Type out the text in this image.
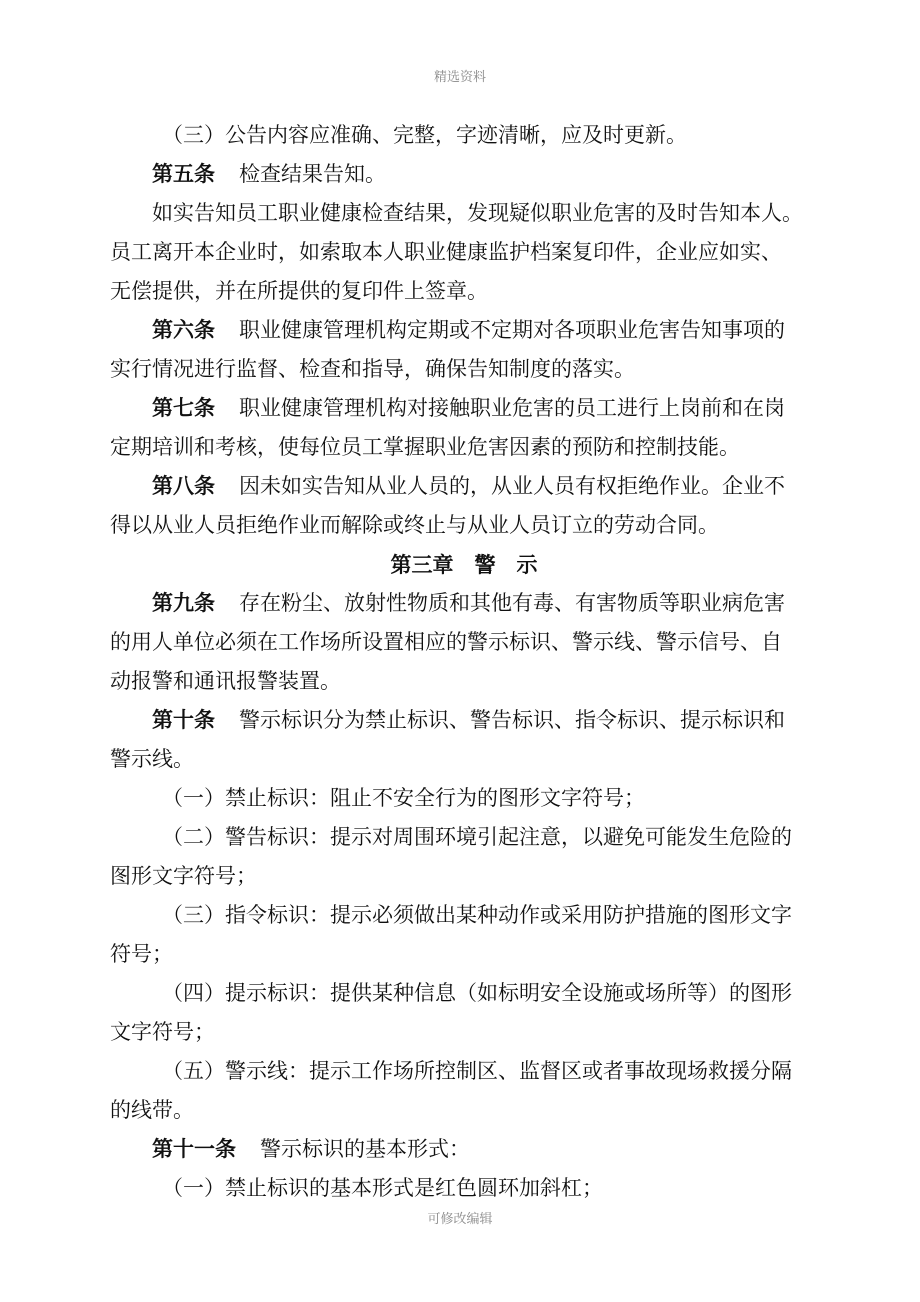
精选资料
（三）公告内容应准确、完整，字迹清晰，应及时更新。
第五条 检查结果告知。
如实告知员工职业健康检查结果，发现疑似职业危害的及时告知本人。
员工离开本企业时，如索取本人职业健康监护档案复印件，企业应如实、
无偿提供，并在所提供的复印件上签章。
第六条 职业健康管理机构定期或不定期对各项职业危害告知事项的
实行情况进行监督、检查和指导，确保告知制度的落实。
第七条 职业健康管理机构对接触职业危害的员工进行上岗前和在岗
定期培训和考核，使每位员工掌握职业危害因素的预防和控制技能。
第八条 因未如实告知从业人员的，从业人员有权拒绝作业。企业不
得以从业人员拒绝作业而解除或终止与从业人员订立的劳动合同。
第三章　警　示
第九条 存在粉尘、放射性物质和其他有毒、有害物质等职业病危害
的用人单位必须在工作场所设置相应的警示标识、警示线、警示信号、自
动报警和通讯报警装置。
第十条 警示标识分为禁止标识、警告标识、指令标识、提示标识和
警示线。
（一）禁止标识：阻止不安全行为的图形文字符号；
（二）警告标识：提示对周围环境引起注意，以避免可能发生危险的
图形文字符号；
（三）指令标识：提示必须做出某种动作或采用防护措施的图形文字
符号；
（四）提示标识：提供某种信息（如标明安全设施或场所等）的图形
文字符号；
（五）警示线：提示工作场所控制区、监督区或者事故现场救援分隔
的线带。
第十一条 警示标识的基本形式：
（一）禁止标识的基本形式是红色圆环加斜杠；
可修改编辑
